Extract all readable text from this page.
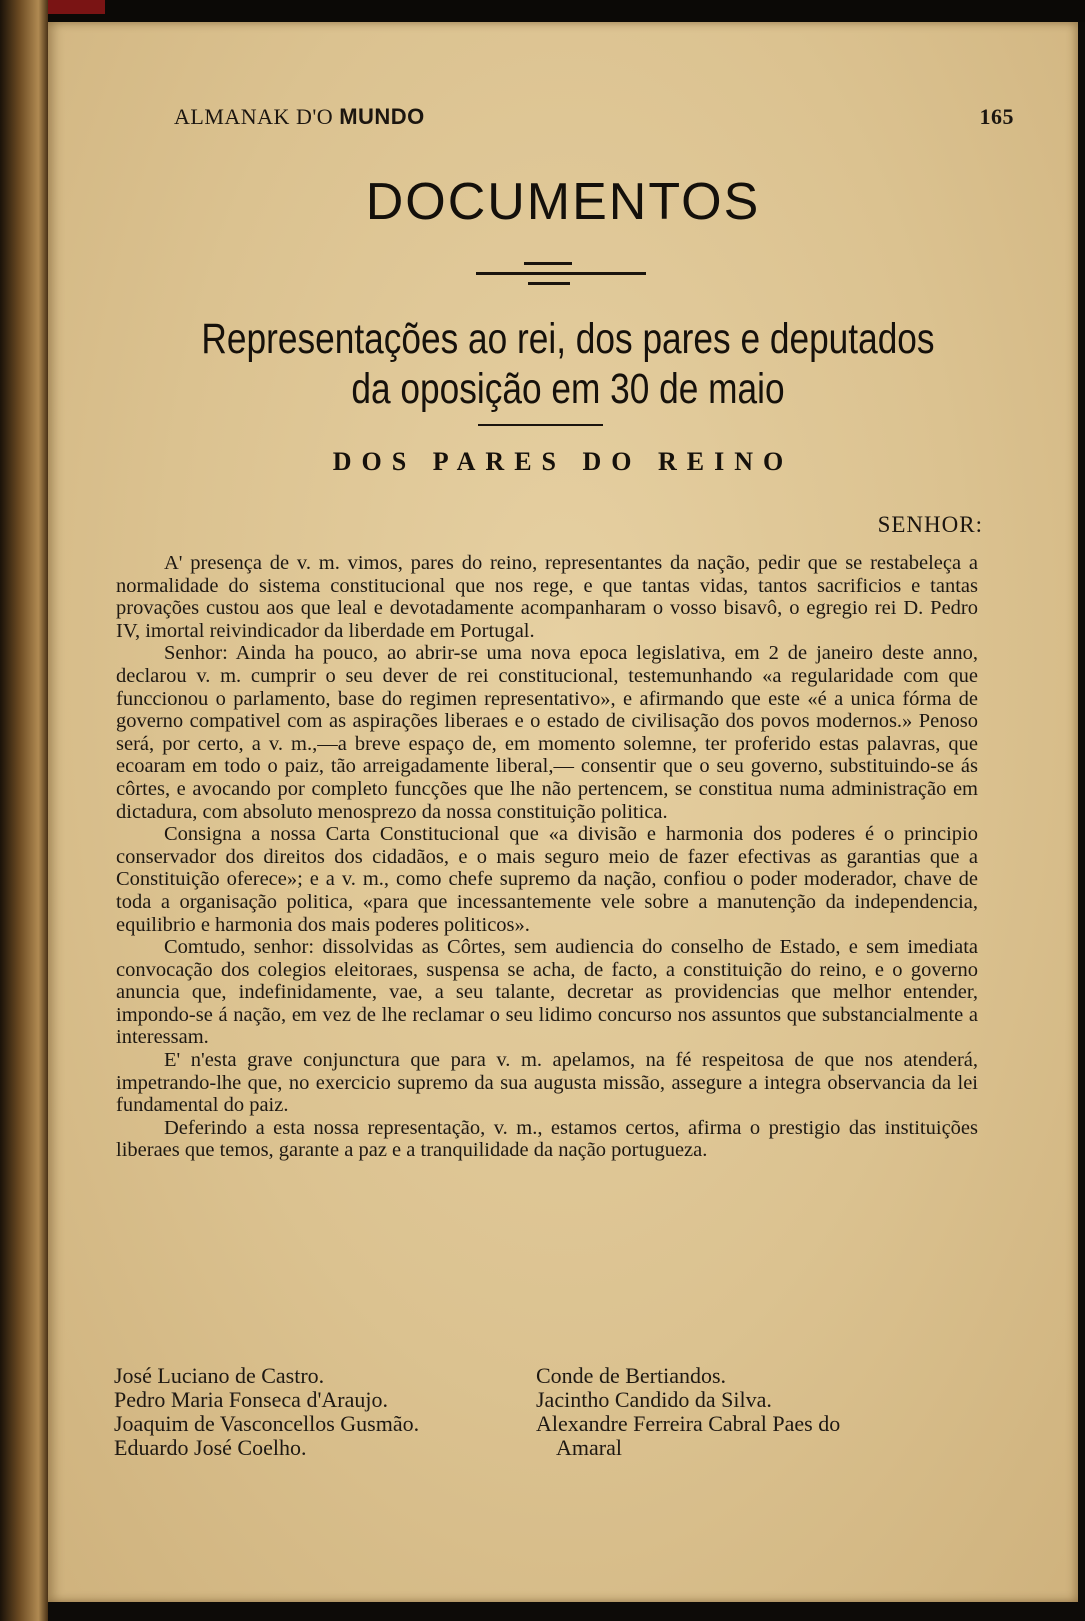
ALMANAK D'O MUNDO	165
DOCUMENTOS
Representações ao rei, dos pares e deputados
da oposição em 30 de maio
DOS PARES DO REINO
SENHOR:

A' presença de v. m. vimos, pares do reino, representantes da nação, pedir que se restabeleça a normalidade do sistema constitucional que nos rege, e que tantas vidas, tantos sacrificios e tantas provações custou aos que leal e devotadamente acompanharam o vosso bisavô, o egregio rei D. Pedro IV, imortal reivindicador da liberdade em Portugal.

Senhor: Ainda ha pouco, ao abrir-se uma nova epoca legislativa, em 2 de janeiro deste anno, declarou v. m. cumprir o seu dever de rei constitucional, testemunhando «a regularidade com que funccionou o parlamento, base do regimen representativo», e afirmando que este «é a unica fórma de governo compativel com as aspirações liberaes e o estado de civilisação dos povos modernos.» Penoso será, por certo, a v. m.,—a breve espaço de, em momento solemne, ter proferido estas palavras, que ecoaram em todo o paiz, tão arreigadamente liberal,— consentir que o seu governo, substituindo-se ás côrtes, e avocando por completo funcções que lhe não pertencem, se constitua numa administração em dictadura, com absoluto menosprezo da nossa constituição politica.

Consigna a nossa Carta Constitucional que «a divisão e harmonia dos poderes é o principio conservador dos direitos dos cidadãos, e o mais seguro meio de fazer efectivas as garantias que a Constituição oferece»; e a v. m., como chefe supremo da nação, confiou o poder moderador, chave de toda a organisação politica, «para que incessantemente vele sobre a manutenção da independencia, equilibrio e harmonia dos mais poderes politicos».

Comtudo, senhor: dissolvidas as Côrtes, sem audiencia do conselho de Estado, e sem imediata convocação dos colegios eleitoraes, suspensa se acha, de facto, a constituição do reino, e o governo anuncia que, indefinidamente, vae, a seu talante, decretar as providencias que melhor entender, impondo-se á nação, em vez de lhe reclamar o seu lidimo concurso nos assuntos que substancialmente a interessam.

E' n'esta grave conjunctura que para v. m. apelamos, na fé respeitosa de que nos atenderá, impetrando-lhe que, no exercicio supremo da sua augusta missão, assegure a integra observancia da lei fundamental do paiz.

Deferindo a esta nossa representação, v. m., estamos certos, afirma o prestigio das instituições liberaes que temos, garante a paz e a tranquilidade da nação portugueza.

José Luciano de Castro.
Pedro Maria Fonseca d'Araujo.
Joaquim de Vasconcellos Gusmão.
Eduardo José Coelho.
Conde de Bertiandos.
Jacintho Candido da Silva.
Alexandre Ferreira Cabral Paes do
Amaral
